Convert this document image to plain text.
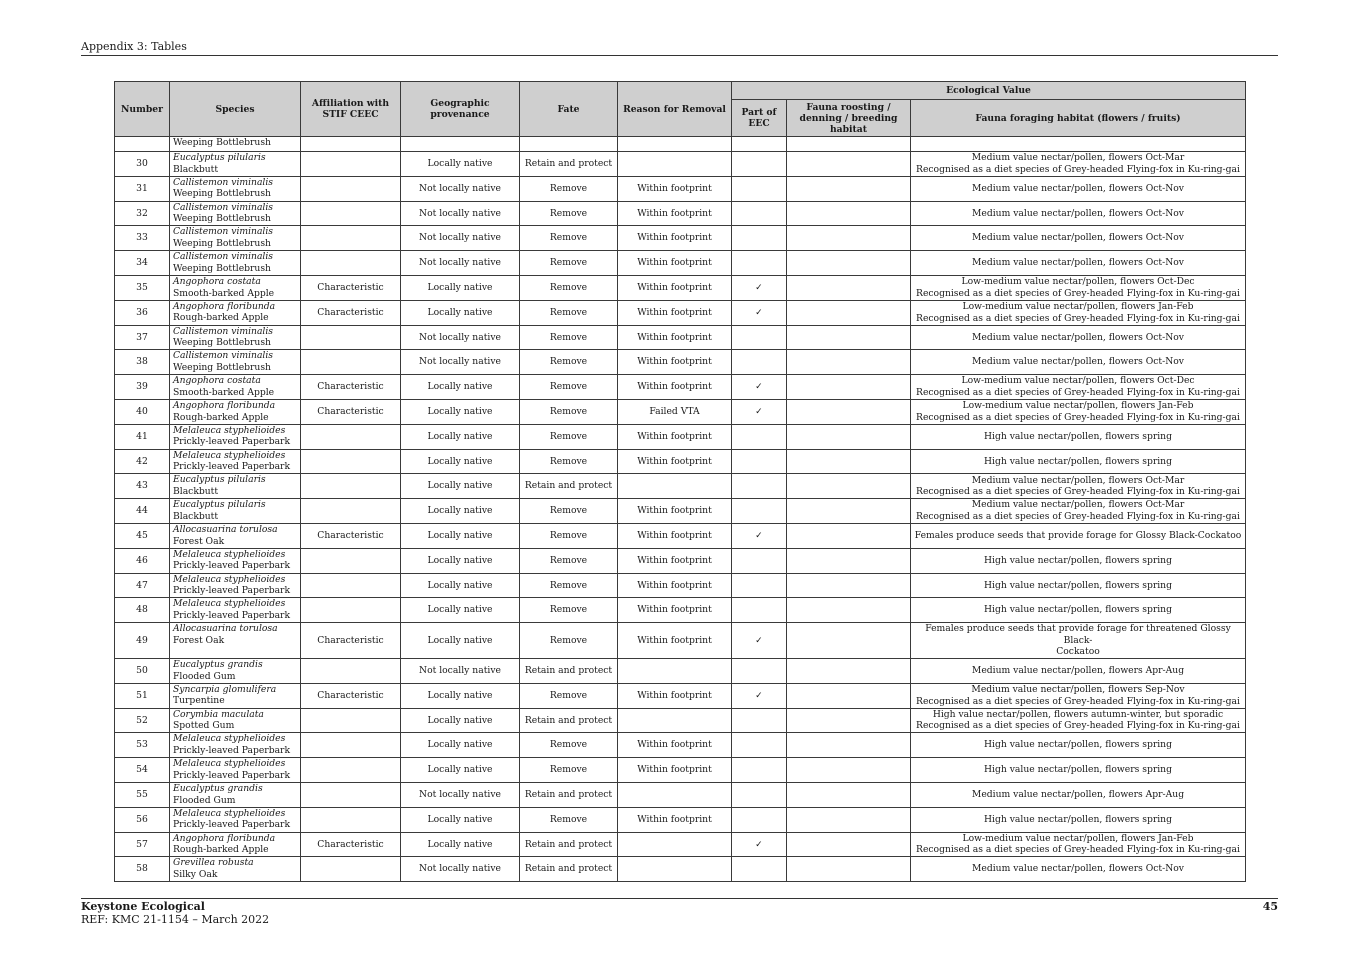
Appendix 3: Tables
Number	Species	Affiliation with STIF CEEC	Geographic provenance	Fate	Reason for Removal	Ecological Value		
						Part of EEC	Fauna roosting / denning / breeding habitat	Fauna foraging habitat (flowers / fruits)

	Weeping Bottlebrush							

30	Eucalyptus pilularis
Blackbutt		Locally native	Retain and protect				Medium value nectar/pollen, flowers Oct-Mar
Recognised as a diet species of Grey-headed Flying-fox in Ku-ring-gai

31	Callistemon viminalis
Weeping Bottlebrush		Not locally native	Remove	Within footprint			Medium value nectar/pollen, flowers Oct-Nov

32	Callistemon viminalis
Weeping Bottlebrush		Not locally native	Remove	Within footprint			Medium value nectar/pollen, flowers Oct-Nov

33	Callistemon viminalis
Weeping Bottlebrush		Not locally native	Remove	Within footprint			Medium value nectar/pollen, flowers Oct-Nov

34	Callistemon viminalis
Weeping Bottlebrush		Not locally native	Remove	Within footprint			Medium value nectar/pollen, flowers Oct-Nov

35	Angophora costata
Smooth-barked Apple	Characteristic	Locally native	Remove	Within footprint	✓		Low-medium value nectar/pollen, flowers Oct-Dec
Recognised as a diet species of Grey-headed Flying-fox in Ku-ring-gai

36	Angophora floribunda
Rough-barked Apple	Characteristic	Locally native	Remove	Within footprint	✓		Low-medium value nectar/pollen, flowers Jan-Feb
Recognised as a diet species of Grey-headed Flying-fox in Ku-ring-gai

37	Callistemon viminalis
Weeping Bottlebrush		Not locally native	Remove	Within footprint			Medium value nectar/pollen, flowers Oct-Nov

38	Callistemon viminalis
Weeping Bottlebrush		Not locally native	Remove	Within footprint			Medium value nectar/pollen, flowers Oct-Nov

39	Angophora costata
Smooth-barked Apple	Characteristic	Locally native	Remove	Within footprint	✓		Low-medium value nectar/pollen, flowers Oct-Dec
Recognised as a diet species of Grey-headed Flying-fox in Ku-ring-gai

40	Angophora floribunda
Rough-barked Apple	Characteristic	Locally native	Remove	Failed VTA	✓		Low-medium value nectar/pollen, flowers Jan-Feb
Recognised as a diet species of Grey-headed Flying-fox in Ku-ring-gai

41	Melaleuca styphelioides
Prickly-leaved Paperbark		Locally native	Remove	Within footprint			High value nectar/pollen, flowers spring

42	Melaleuca styphelioides
Prickly-leaved Paperbark		Locally native	Remove	Within footprint			High value nectar/pollen, flowers spring

43	Eucalyptus pilularis
Blackbutt		Locally native	Retain and protect				Medium value nectar/pollen, flowers Oct-Mar
Recognised as a diet species of Grey-headed Flying-fox in Ku-ring-gai

44	Eucalyptus pilularis
Blackbutt		Locally native	Remove	Within footprint			Medium value nectar/pollen, flowers Oct-Mar
Recognised as a diet species of Grey-headed Flying-fox in Ku-ring-gai

45	Allocasuarina torulosa
Forest Oak	Characteristic	Locally native	Remove	Within footprint	✓		Females produce seeds that provide forage for Glossy Black-Cockatoo

46	Melaleuca styphelioides
Prickly-leaved Paperbark		Locally native	Remove	Within footprint			High value nectar/pollen, flowers spring

47	Melaleuca styphelioides
Prickly-leaved Paperbark		Locally native	Remove	Within footprint			High value nectar/pollen, flowers spring

48	Melaleuca styphelioides
Prickly-leaved Paperbark		Locally native	Remove	Within footprint			High value nectar/pollen, flowers spring

49	Allocasuarina torulosa
Forest Oak	Characteristic	Locally native	Remove	Within footprint	✓		Females produce seeds that provide forage for threatened Glossy Black-
Cockatoo

50	Eucalyptus grandis
Flooded Gum		Not locally native	Retain and protect				Medium value nectar/pollen, flowers Apr-Aug

51	Syncarpia glomulifera
Turpentine	Characteristic	Locally native	Remove	Within footprint	✓		Medium value nectar/pollen, flowers Sep-Nov
Recognised as a diet species of Grey-headed Flying-fox in Ku-ring-gai

52	Corymbia maculata
Spotted Gum		Locally native	Retain and protect				High value nectar/pollen, flowers autumn-winter, but sporadic
Recognised as a diet species of Grey-headed Flying-fox in Ku-ring-gai

53	Melaleuca styphelioides
Prickly-leaved Paperbark		Locally native	Remove	Within footprint			High value nectar/pollen, flowers spring

54	Melaleuca styphelioides
Prickly-leaved Paperbark		Locally native	Remove	Within footprint			High value nectar/pollen, flowers spring

55	Eucalyptus grandis
Flooded Gum		Not locally native	Retain and protect				Medium value nectar/pollen, flowers Apr-Aug

56	Melaleuca styphelioides
Prickly-leaved Paperbark		Locally native	Remove	Within footprint			High value nectar/pollen, flowers spring

57	Angophora floribunda
Rough-barked Apple	Characteristic	Locally native	Retain and protect		✓		Low-medium value nectar/pollen, flowers Jan-Feb
Recognised as a diet species of Grey-headed Flying-fox in Ku-ring-gai

58	Grevillea robusta
Silky Oak		Not locally native	Retain and protect				Medium value nectar/pollen, flowers Oct-Nov
Keystone Ecological
REF: KMC 21-1154 – March 2022
45
